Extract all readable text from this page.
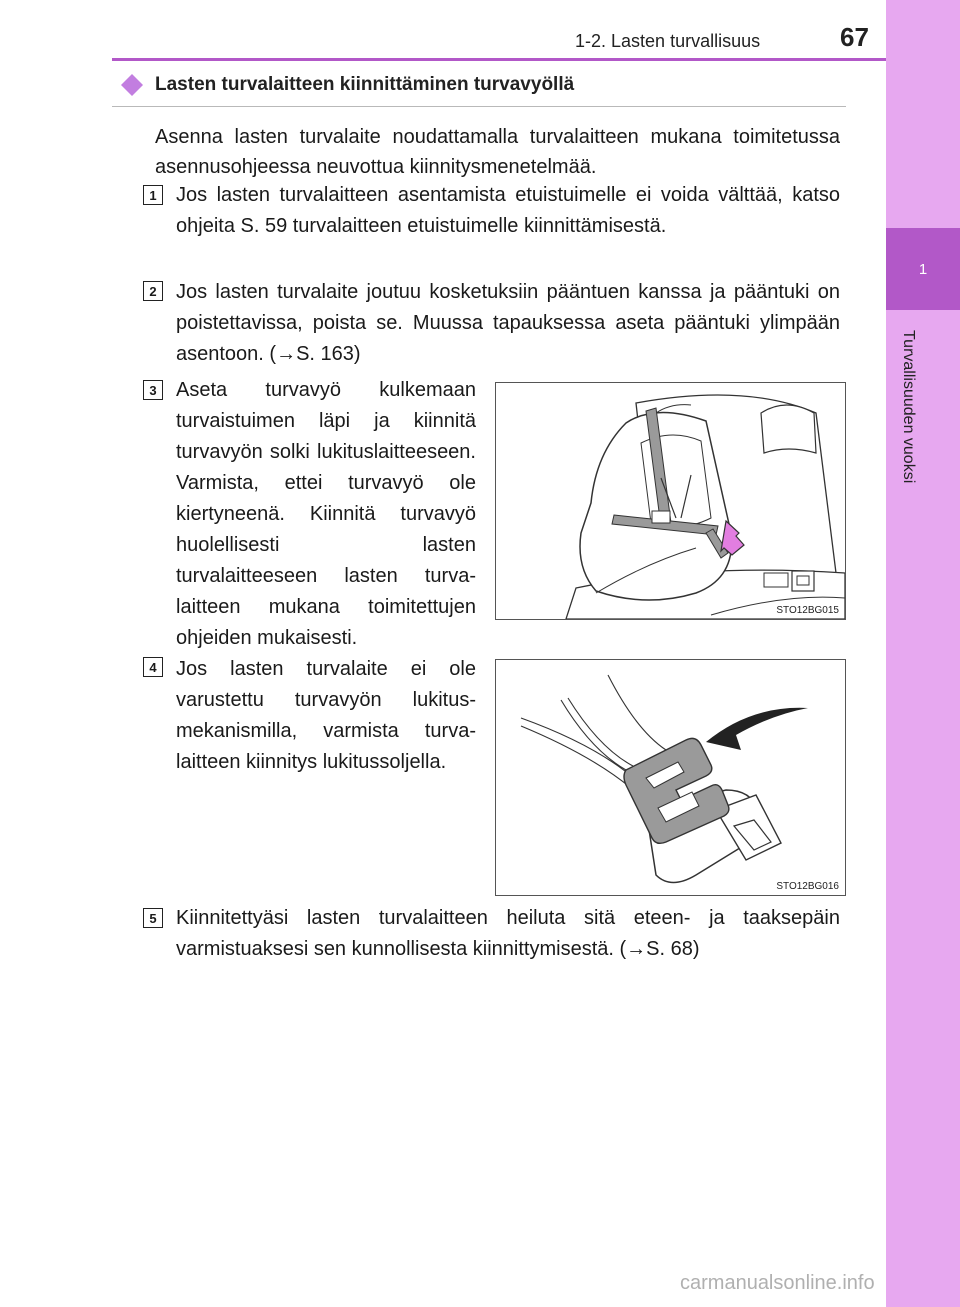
1
Turvallisuuden vuoksi
1-2. Lasten turvallisuus	67
Lasten turvalaitteen kiinnittäminen turvavyöllä
Asenna lasten turvalaite noudattamalla turvalaitteen mukana toimitetussa asennusohjeessa neuvottua kiinnitysmenetelmää.
1 Jos lasten turvalaitteen asentamista etuistuimelle ei voida välttää, katso ohjeita S. 59 turvalaitteen etuistuimelle kiinnittämisestä.
2 Jos lasten turvalaite joutuu kosketuksiin pääntuen kanssa ja pääntuki on poistettavissa, poista se. Muussa tapauksessa aseta pääntuki ylimpään asentoon. (→S. 163)
3 Aseta turvavyö kulkemaan turvaistuimen läpi ja kiinnitä turvavyön solki lukituslaitteeseen. Varmista, ettei turvavyö ole kiertyneenä. Kiinnitä turvavyö huolellisesti lasten turvalaitteeseen lasten turvalaitteen mukana toimitettujen ohjeiden mukaisesti.
STO12BG015
4 Jos lasten turvalaite ei ole varustettu turvavyön lukitusmekanismilla, varmista turvalaitteen kiinnitys lukitussoljella.
STO12BG016
5 Kiinnitettyäsi lasten turvalaitteen heiluta sitä eteen- ja taaksepäin varmistuaksesi sen kunnollisesta kiinnittymisestä. (→S. 68)
carmanualsonline.info
